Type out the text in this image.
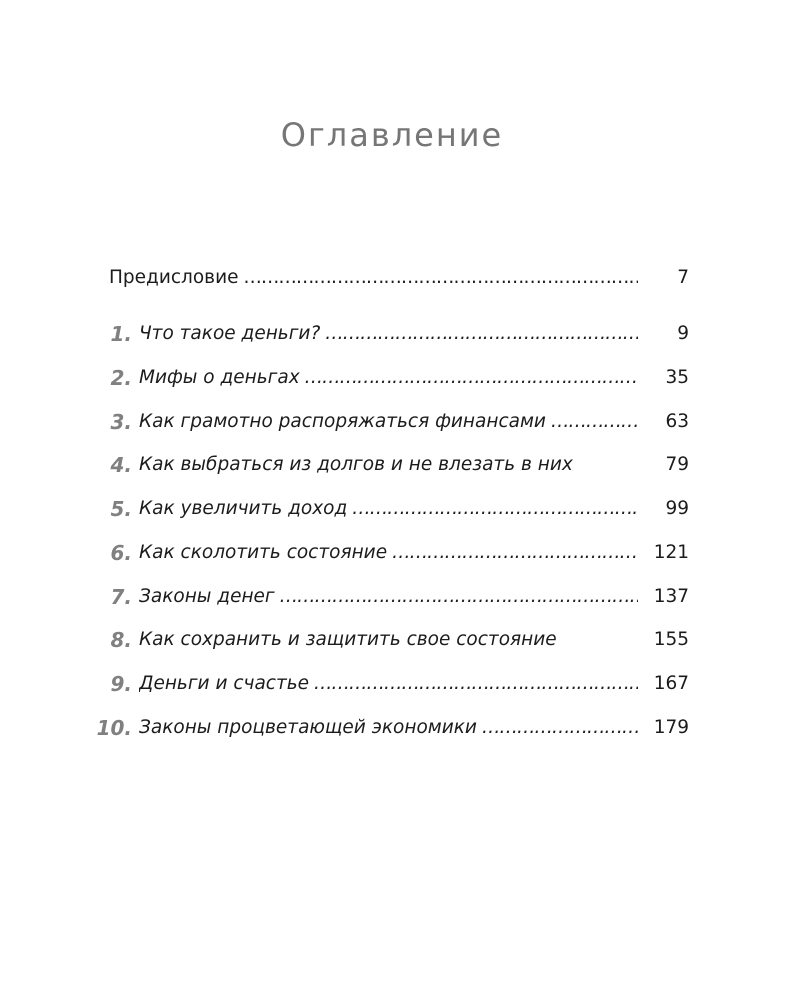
Оглавление
Предисловие ………………………………………………………………………………………………………………………………………	7
1. Что такое деньги? ………………………………………………………………………………………………………………………………………	9
2. Мифы о деньгах ………………………………………………………………………………………………………………………………………	35
3. Как грамотно распоряжаться финансами ………………………………………………………………………………………………………………………………………	63
4. Как выбраться из долгов и не влезать в них	79
5. Как увеличить доход ………………………………………………………………………………………………………………………………………	99
6. Как сколотить состояние ………………………………………………………………………………………………………………………………………	121
7. Законы денег ………………………………………………………………………………………………………………………………………	137
8. Как сохранить и защитить свое состояние	155
9. Деньги и счастье ………………………………………………………………………………………………………………………………………	167
10. Законы процветающей экономики ………………………………………………………………………………………………………………………………………	179
